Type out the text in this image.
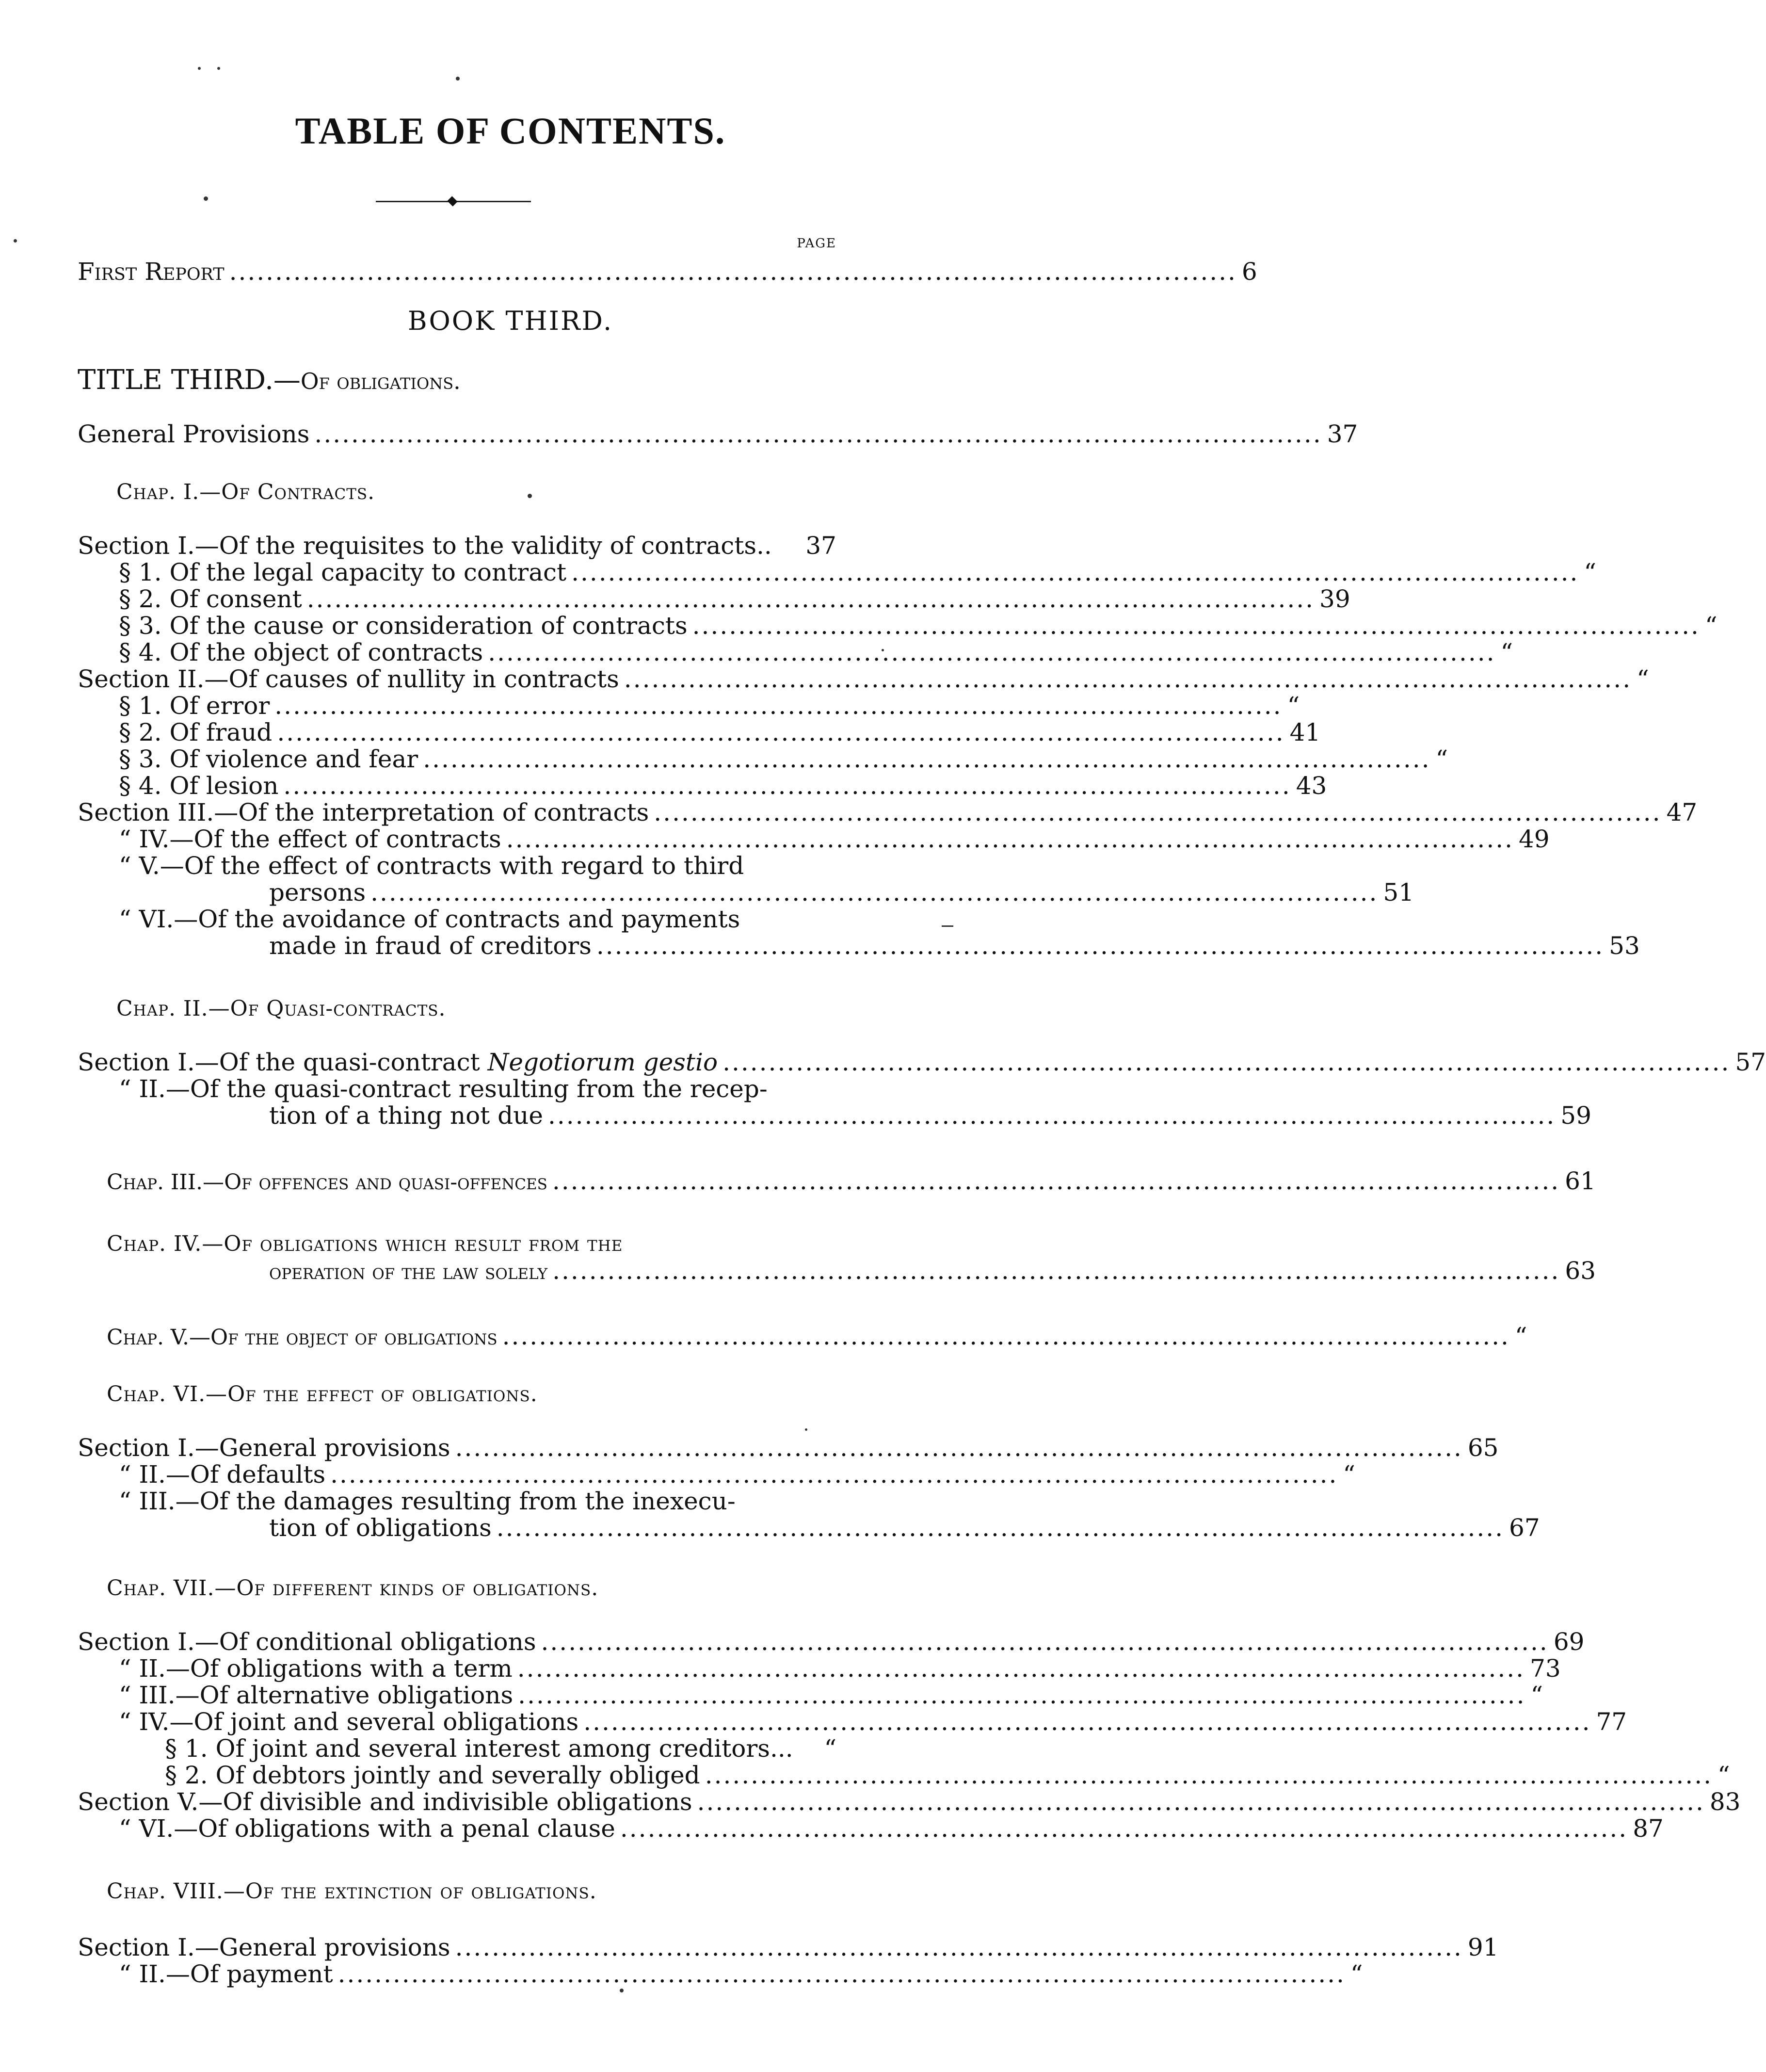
TABLE OF CONTENTS.
PAGE
First Report .............................................................................................................. 6
BOOK THIRD.
TITLE THIRD.—Of obligations.
General Provisions .............................................................................................................. 37
Chap. I.—Of Contracts.
Section I.—Of the requisites to the validity of contracts..	37
§ 1. Of the legal capacity to contract .............................................................................................................. “
§ 2. Of consent .............................................................................................................. 39
§ 3. Of the cause or consideration of contracts .............................................................................................................. “
§ 4. Of the object of contracts .............................................................................................................. “
Section II.—Of causes of nullity in contracts .............................................................................................................. “
§ 1. Of error .............................................................................................................. “
§ 2. Of fraud .............................................................................................................. 41
§ 3. Of violence and fear .............................................................................................................. “
§ 4. Of lesion .............................................................................................................. 43
Section III.—Of the interpretation of contracts .............................................................................................................. 47
“ IV.—Of the effect of contracts .............................................................................................................. 49
“ V.—Of the effect of contracts with regard to third
persons .............................................................................................................. 51
“ VI.—Of the avoidance of contracts and payments
made in fraud of creditors .............................................................................................................. 53
Chap. II.—Of Quasi-contracts.
Section I.—Of the quasi-contract Negotiorum gestio .............................................................................................................. 57
“ II.—Of the quasi-contract resulting from the recep-
tion of a thing not due .............................................................................................................. 59
Chap. III.—Of offences and quasi-offences .............................................................................................................. 61
Chap. IV.—Of obligations which result from the
operation of the law solely .............................................................................................................. 63
Chap. V.—Of the object of obligations .............................................................................................................. “
Chap. VI.—Of the effect of obligations.
Section I.—General provisions .............................................................................................................. 65
“ II.—Of defaults .............................................................................................................. “
“ III.—Of the damages resulting from the inexecu-
tion of obligations .............................................................................................................. 67
Chap. VII.—Of different kinds of obligations.
Section I.—Of conditional obligations .............................................................................................................. 69
“ II.—Of obligations with a term .............................................................................................................. 73
“ III.—Of alternative obligations .............................................................................................................. “
“ IV.—Of joint and several obligations .............................................................................................................. 77
§ 1. Of joint and several interest among creditors...	“
§ 2. Of debtors jointly and severally obliged .............................................................................................................. “
Section V.—Of divisible and indivisible obligations .............................................................................................................. 83
“ VI.—Of obligations with a penal clause .............................................................................................................. 87
Chap. VIII.—Of the extinction of obligations.
Section I.—General provisions .............................................................................................................. 91
“ II.—Of payment .............................................................................................................. “
